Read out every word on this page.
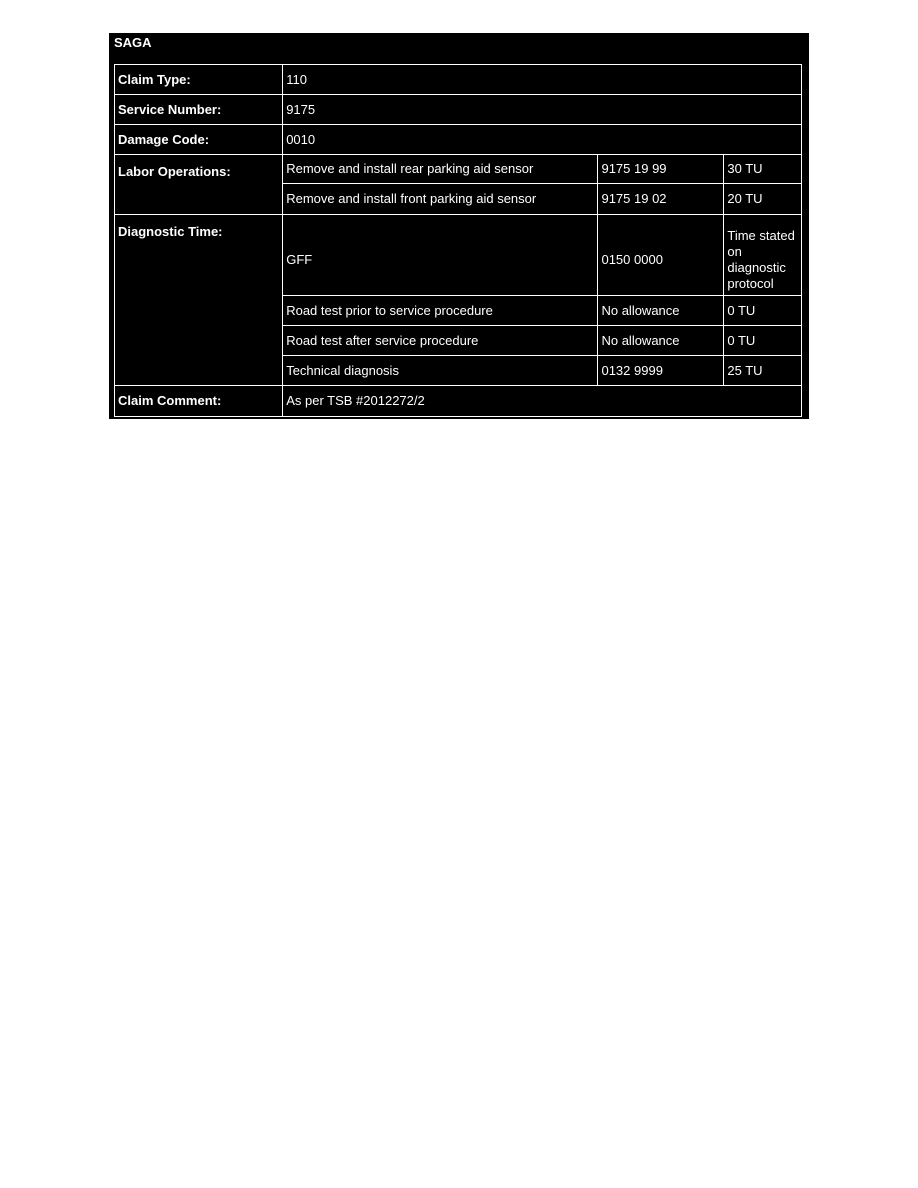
SAGA
Claim Type:	110		
Service Number:	9175		
Damage Code:	0010		
Labor Operations:	Remove and install rear parking aid sensor	9175 19 99	30 TU
	Remove and install front parking aid sensor	9175 19 02	20 TU
Diagnostic Time:	GFF	0150 0000	Time stated on diagnostic protocol
	Road test prior to service procedure	No allowance	0 TU
	Road test after service procedure	No allowance	0 TU
	Technical diagnosis	0132 9999	25 TU
Claim Comment:	As per TSB #2012272/2		
